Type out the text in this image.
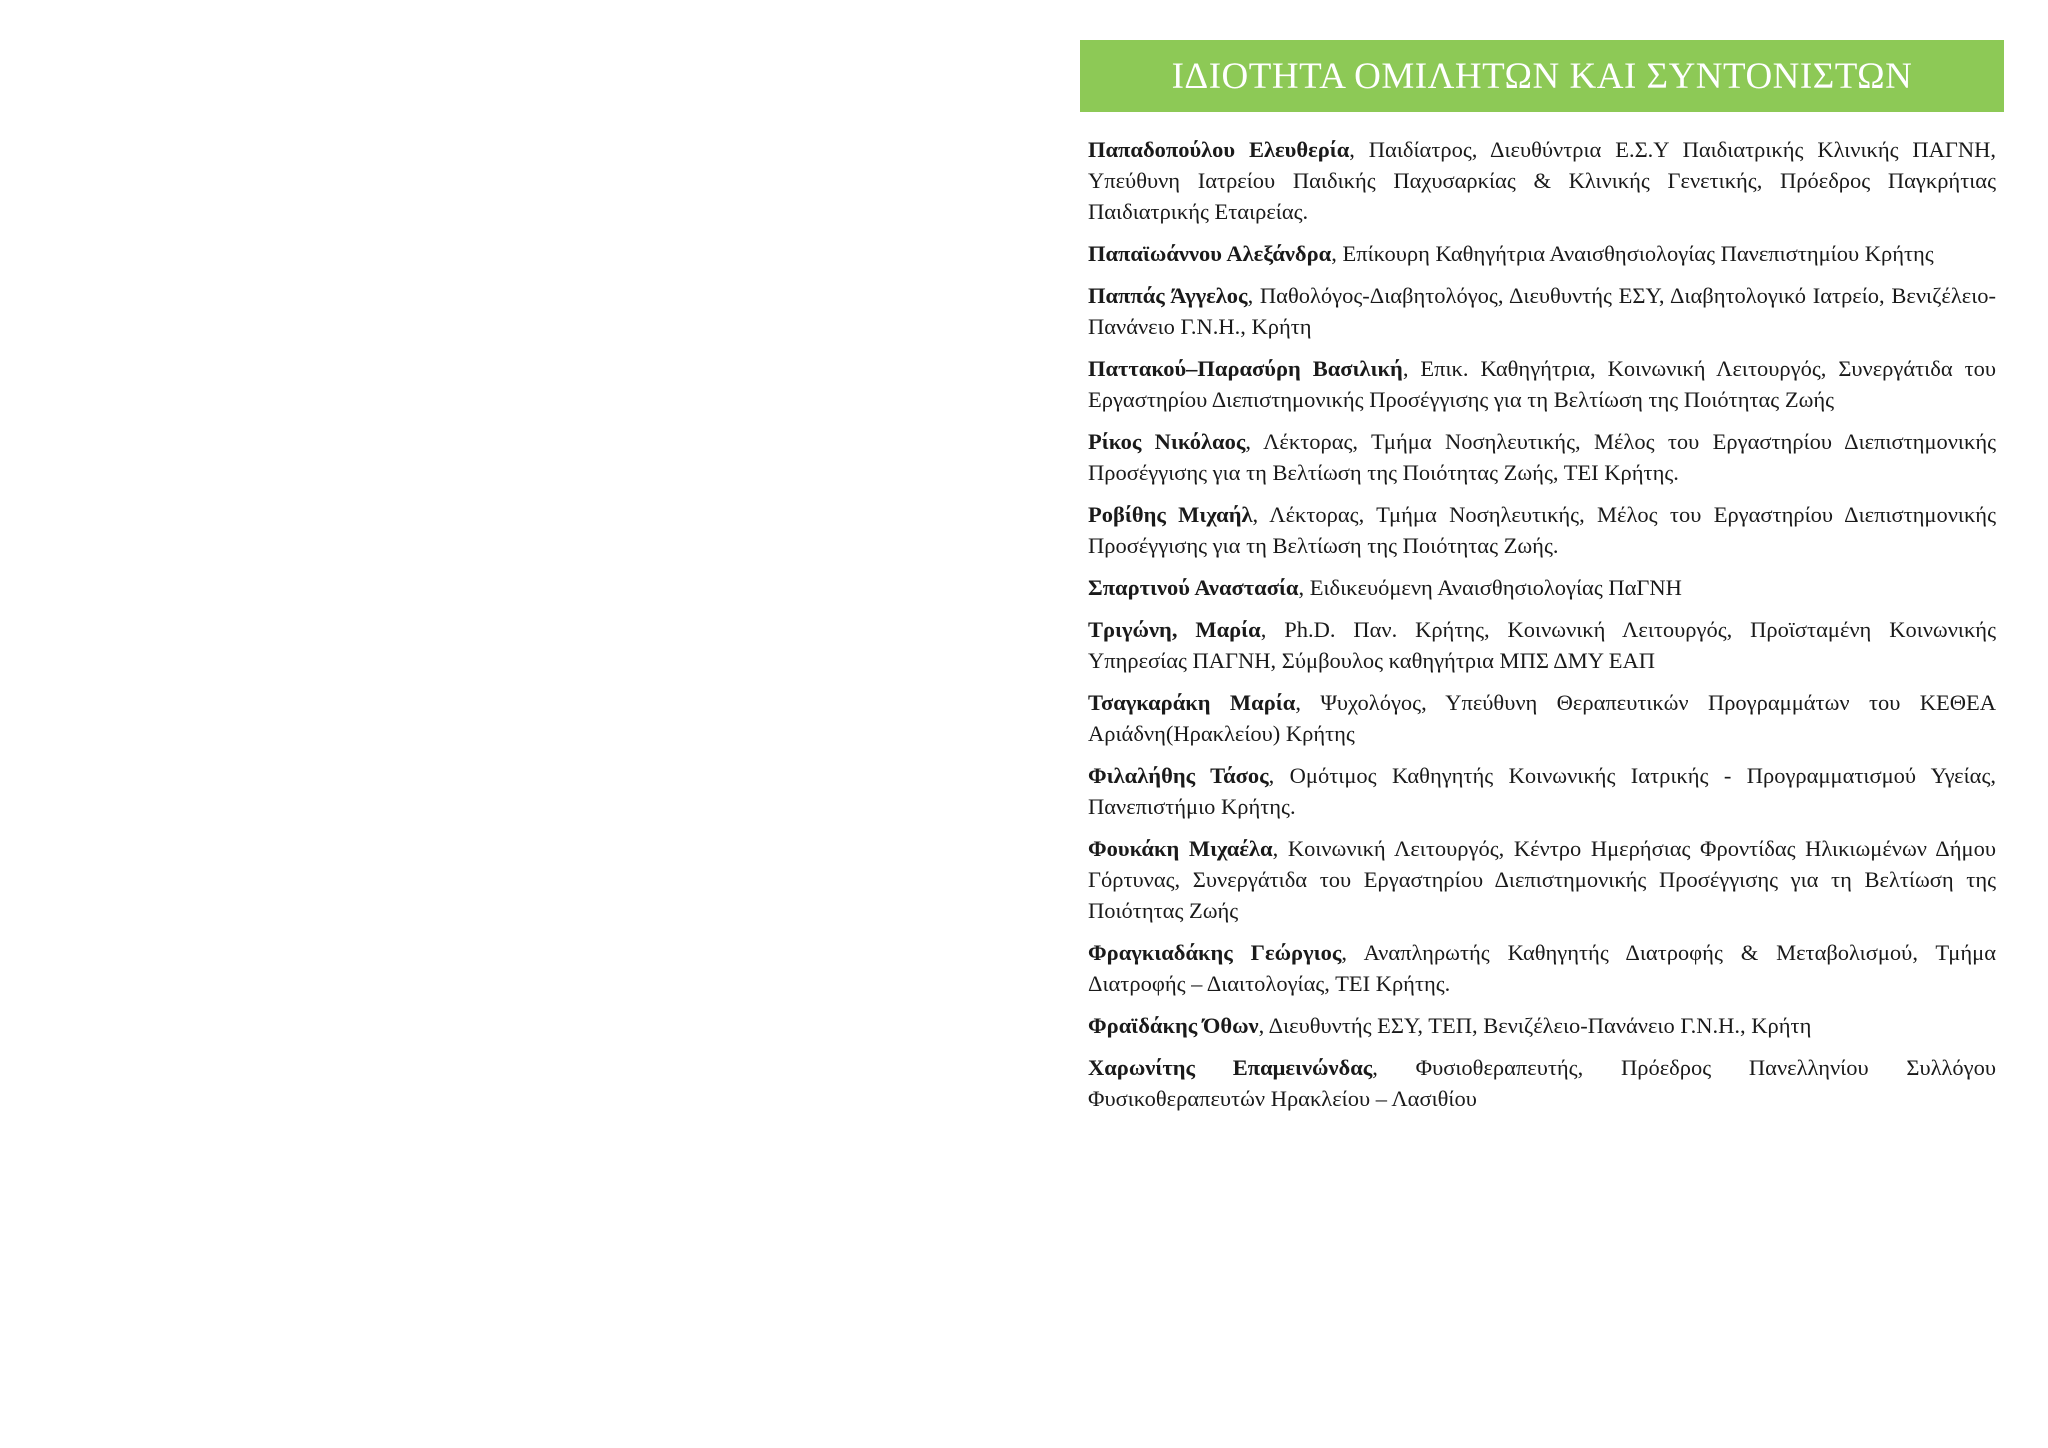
ΙΔΙΟΤΗΤΑ ΟΜΙΛΗΤΩΝ ΚΑΙ ΣΥΝΤΟΝΙΣΤΩΝ

Παπαδοπούλου Ελευθερία, Παιδίατρος, Διευθύντρια Ε.Σ.Υ Παιδιατρικής Κλινικής ΠΑΓΝΗ, Υπεύθυνη Ιατρείου Παιδικής Παχυσαρκίας & Κλινικής Γενετικής, Πρόεδρος Παγκρήτιας Παιδιατρικής Εταιρείας.

Παπαϊωάννου Αλεξάνδρα, Επίκουρη Καθηγήτρια Αναισθησιολογίας Πανεπιστημίου Κρήτης

Παππάς Άγγελος, Παθολόγος-Διαβητολόγος, Διευθυντής ΕΣΥ, Διαβητολογικό Ιατρείο, Βενιζέλειο-Πανάνειο Γ.Ν.Η., Κρήτη

Παττακού–Παρασύρη Βασιλική, Επικ. Καθηγήτρια, Κοινωνική Λειτουργός, Συνεργάτιδα του Εργαστηρίου Διεπιστημονικής Προσέγγισης για τη Βελτίωση της Ποιότητας Ζωής

Ρίκος Νικόλαος, Λέκτορας, Τμήμα Νοσηλευτικής, Μέλος του Εργαστηρίου Διεπιστημονικής Προσέγγισης για τη Βελτίωση της Ποιότητας Ζωής, ΤΕΙ Κρήτης.

Ροβίθης Μιχαήλ, Λέκτορας, Τμήμα Νοσηλευτικής, Μέλος του Εργαστηρίου Διεπιστημονικής Προσέγγισης για τη Βελτίωση της Ποιότητας Ζωής.

Σπαρτινού Αναστασία, Ειδικευόμενη Αναισθησιολογίας ΠαΓΝΗ

Τριγώνη, Μαρία, Ph.D. Παν. Κρήτης, Κοινωνική Λειτουργός, Προϊσταμένη Κοινωνικής Υπηρεσίας ΠΑΓΝΗ, Σύμβουλος καθηγήτρια ΜΠΣ ΔΜΥ ΕΑΠ

Τσαγκαράκη Μαρία, Ψυχολόγος, Υπεύθυνη Θεραπευτικών Προγραμμάτων του ΚΕΘΕΑ Αριάδνη(Ηρακλείου) Κρήτης

Φιλαλήθης Τάσος, Ομότιμος Καθηγητής Κοινωνικής Ιατρικής - Προγραμματισμού Υγείας, Πανεπιστήμιο Κρήτης.

Φουκάκη Μιχαέλα, Κοινωνική Λειτουργός, Κέντρο Ημερήσιας Φροντίδας Ηλικιωμένων Δήμου Γόρτυνας, Συνεργάτιδα του Εργαστηρίου Διεπιστημονικής Προσέγγισης για τη Βελτίωση της Ποιότητας Ζωής

Φραγκιαδάκης Γεώργιος, Αναπληρωτής Καθηγητής Διατροφής & Μεταβολισμού, Τμήμα Διατροφής – Διαιτολογίας, ΤΕΙ Κρήτης.

Φραϊδάκης Όθων, Διευθυντής ΕΣΥ, ΤΕΠ, Βενιζέλειο-Πανάνειο Γ.Ν.Η., Κρήτη

Χαρωνίτης Επαμεινώνδας, Φυσιοθεραπευτής, Πρόεδρος Πανελληνίου Συλλόγου Φυσικοθεραπευτών Ηρακλείου – Λασιθίου
